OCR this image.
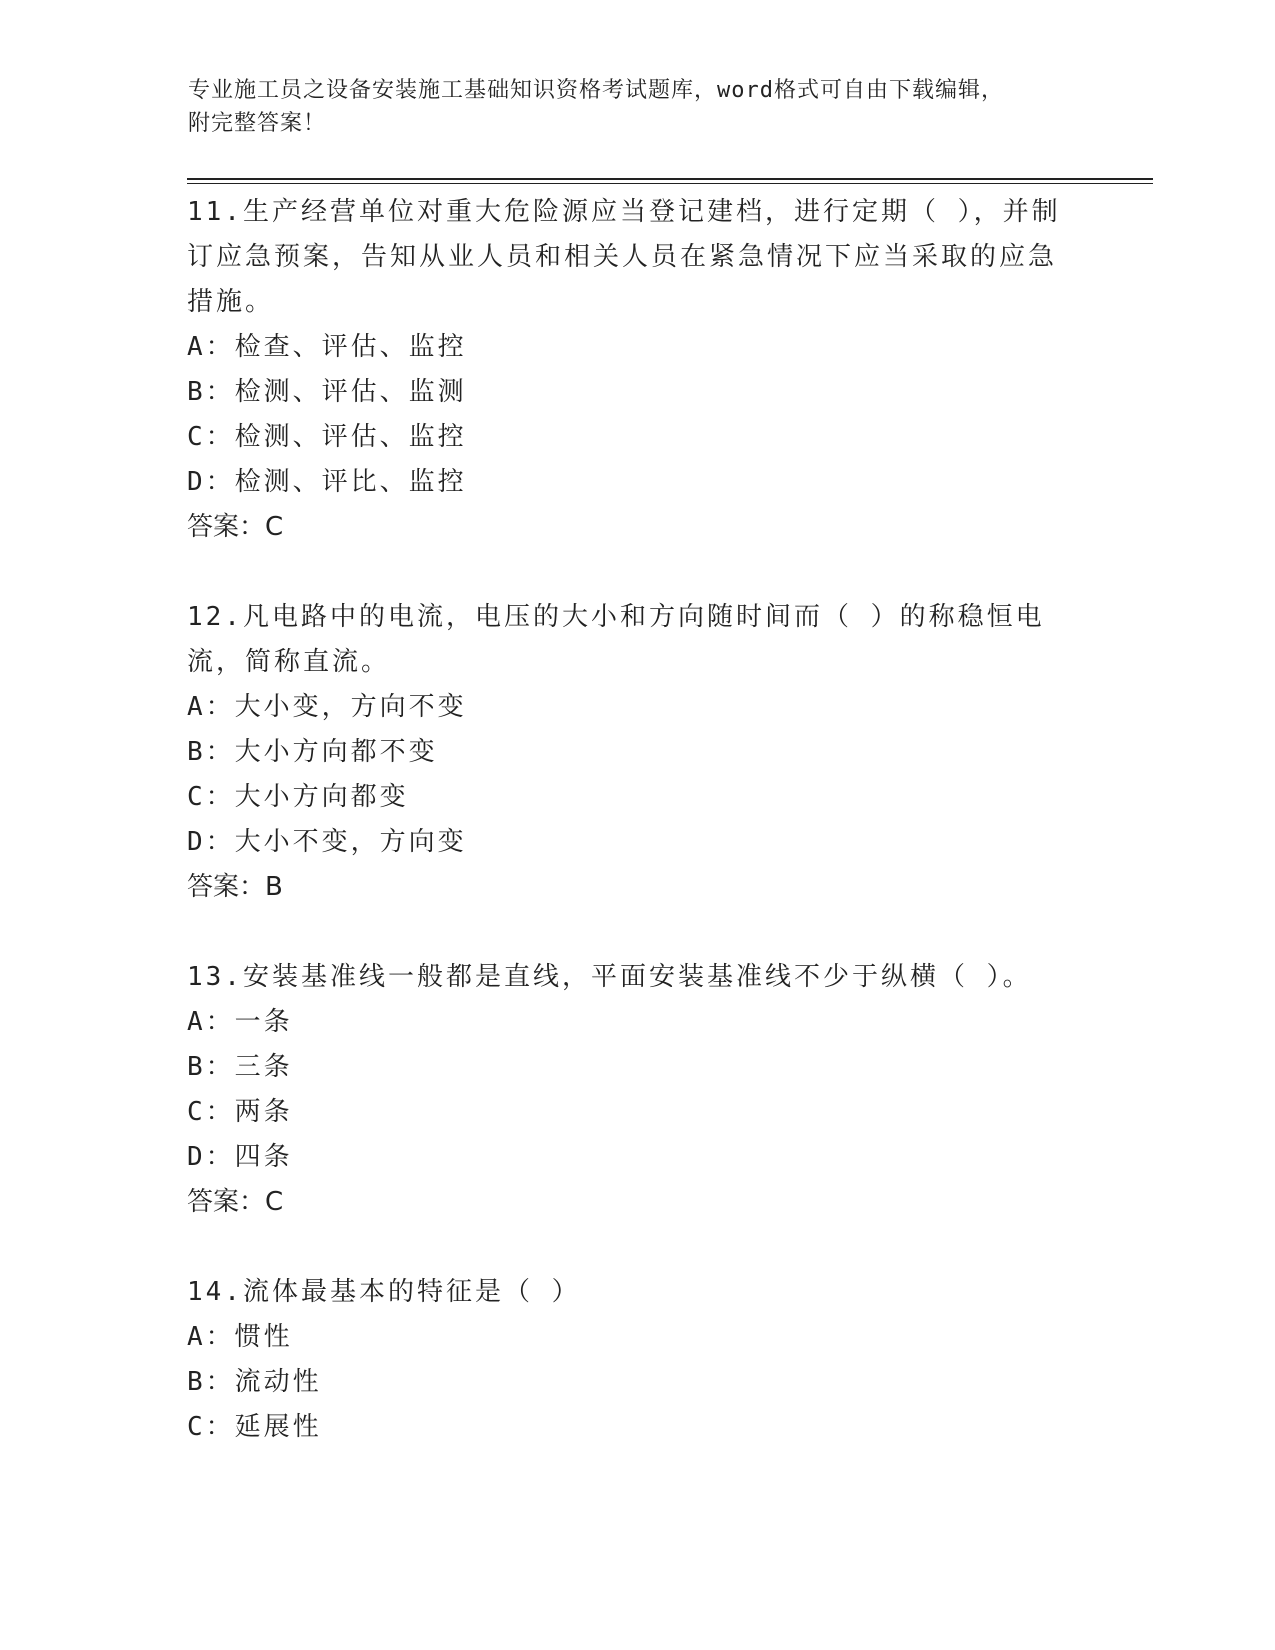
专业施工员之设备安装施工基础知识资格考试题库，word格式可自由下载编辑，
附完整答案！

11.生产经营单位对重大危险源应当登记建档，进行定期（ ），并制订应急预案，告知从业人员和相关人员在紧急情况下应当采取的应急措施。

A：检查、评估、监控

B：检测、评估、监测

C：检测、评估、监控

D：检测、评比、监控

答案：C

12.凡电路中的电流，电压的大小和方向随时间而（ ）的称稳恒电流，简称直流。

A：大小变，方向不变

B：大小方向都不变

C：大小方向都变

D：大小不变，方向变

答案：B

13.安装基准线一般都是直线，平面安装基准线不少于纵横（ ）。

A：一条

B：三条

C：两条

D：四条

答案：C

14.流体最基本的特征是（ ）

A：惯性

B：流动性

C：延展性
